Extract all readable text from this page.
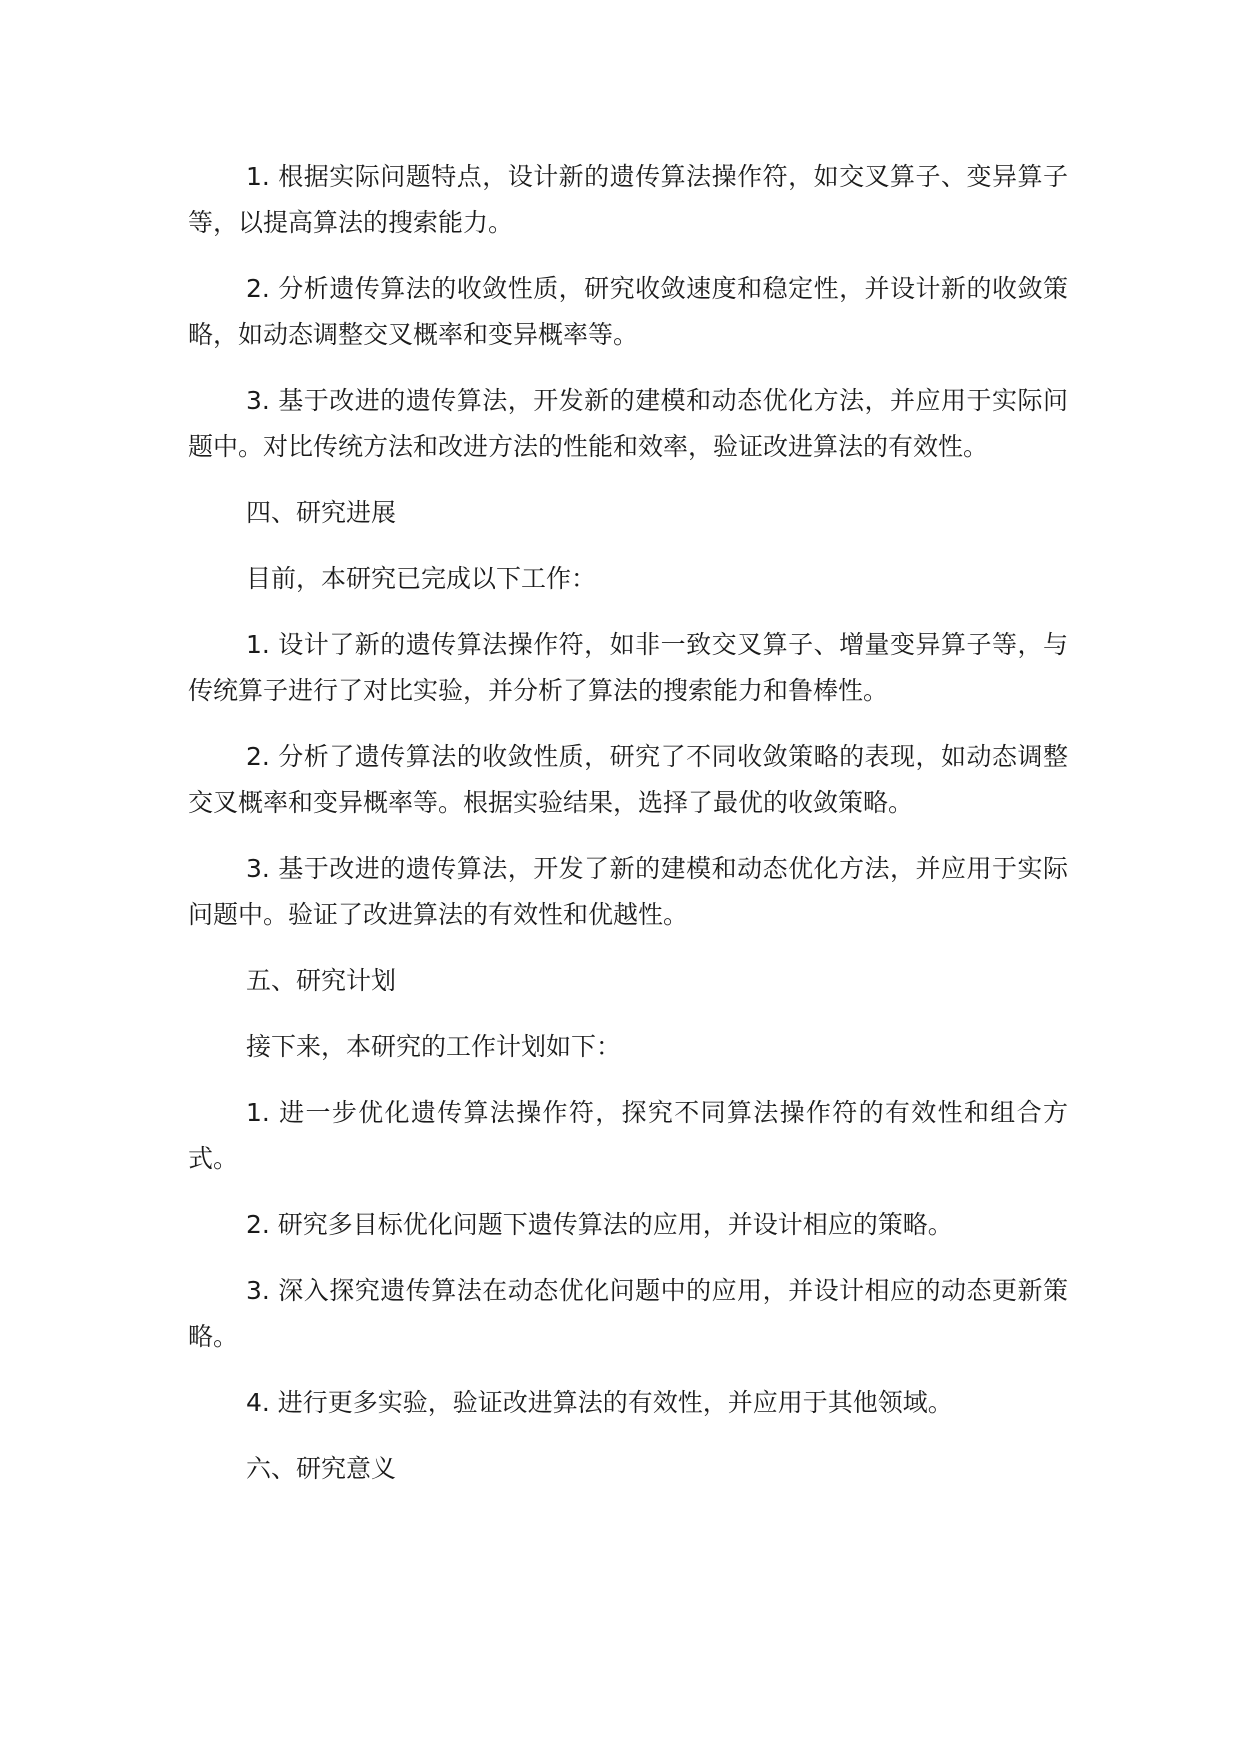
1. 根据实际问题特点，设计新的遗传算法操作符，如交叉算子、变异算子等，以提高算法的搜索能力。

2. 分析遗传算法的收敛性质，研究收敛速度和稳定性，并设计新的收敛策略，如动态调整交叉概率和变异概率等。

3. 基于改进的遗传算法，开发新的建模和动态优化方法，并应用于实际问题中。对比传统方法和改进方法的性能和效率，验证改进算法的有效性。

四、研究进展

目前，本研究已完成以下工作：

1. 设计了新的遗传算法操作符，如非一致交叉算子、增量变异算子等，与传统算子进行了对比实验，并分析了算法的搜索能力和鲁棒性。

2. 分析了遗传算法的收敛性质，研究了不同收敛策略的表现，如动态调整交叉概率和变异概率等。根据实验结果，选择了最优的收敛策略。

3. 基于改进的遗传算法，开发了新的建模和动态优化方法，并应用于实际问题中。验证了改进算法的有效性和优越性。

五、研究计划

接下来，本研究的工作计划如下：

1. 进一步优化遗传算法操作符，探究不同算法操作符的有效性和组合方式。

2. 研究多目标优化问题下遗传算法的应用，并设计相应的策略。

3. 深入探究遗传算法在动态优化问题中的应用，并设计相应的动态更新策略。

4. 进行更多实验，验证改进算法的有效性，并应用于其他领域。

六、研究意义
